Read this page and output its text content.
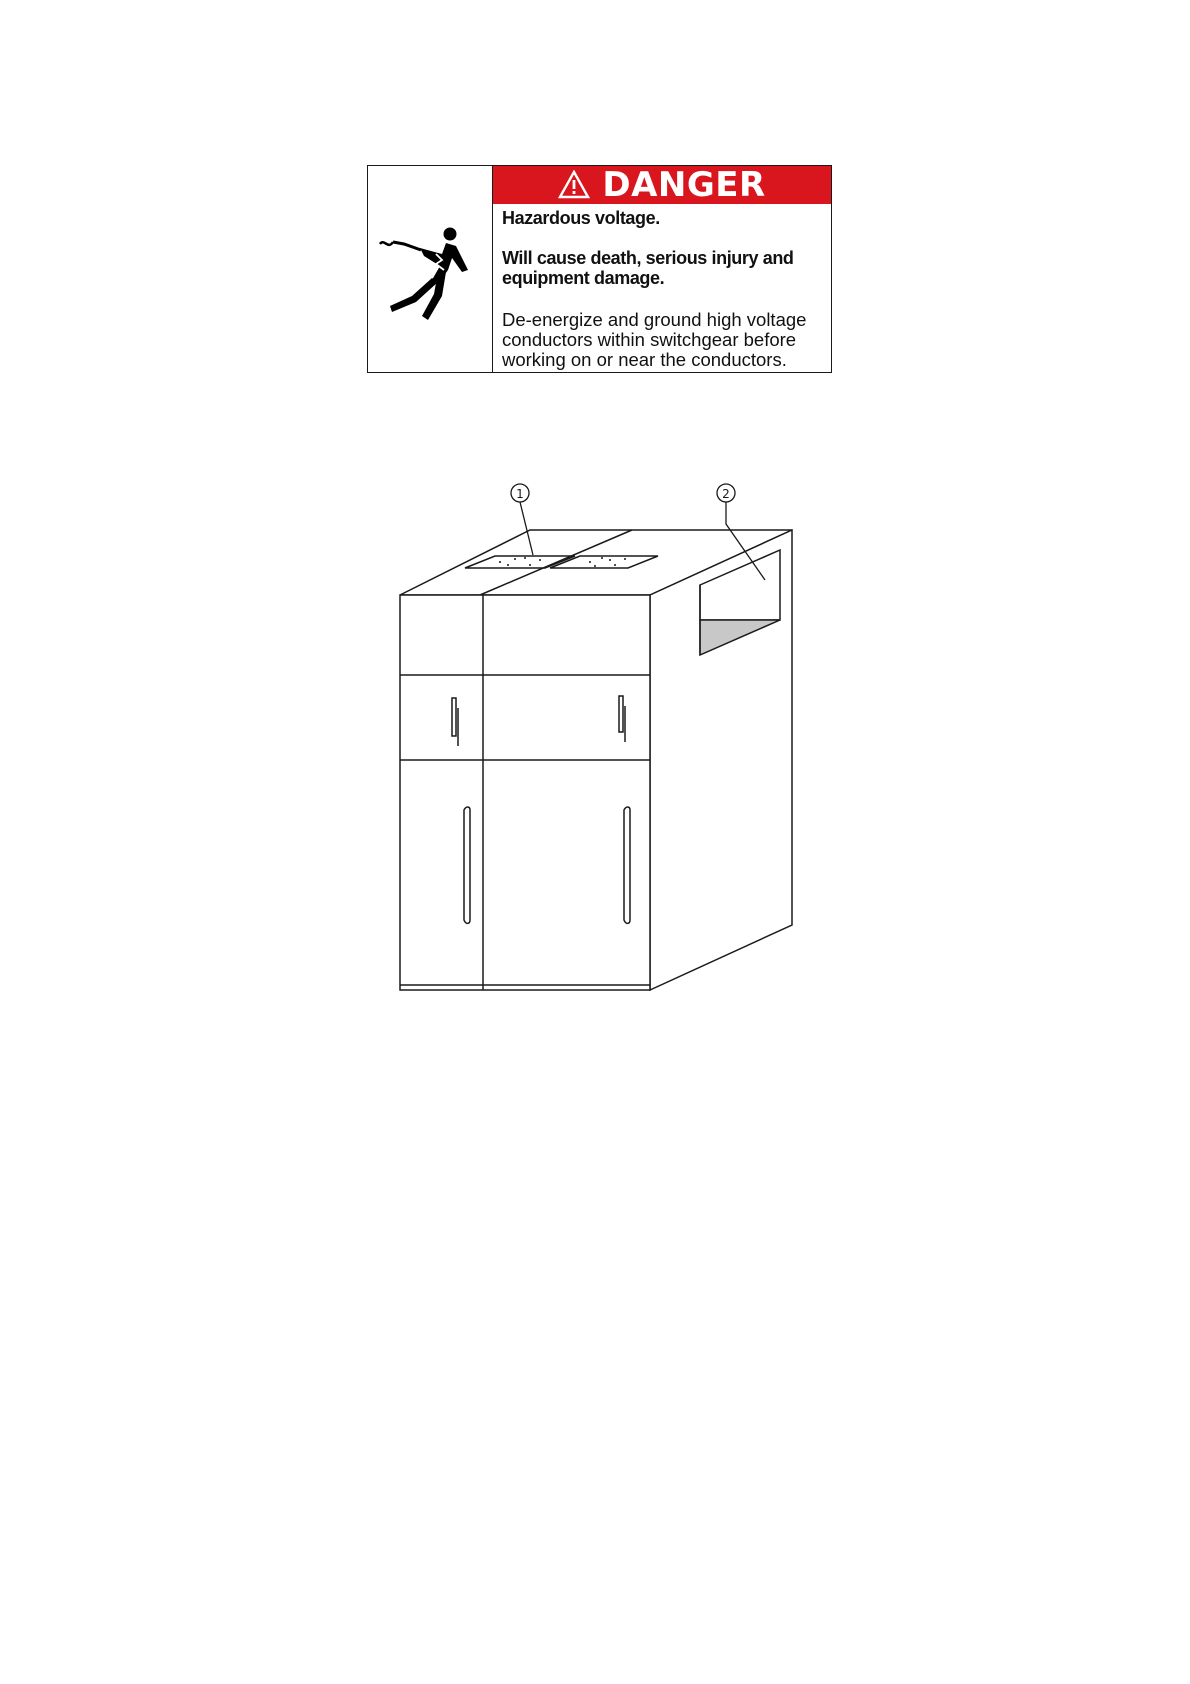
DANGER
Hazardous voltage.
Will cause death, serious injury and equipment damage.
De-energize and ground high voltage conductors within switchgear before working on or near the conductors.
1	2
